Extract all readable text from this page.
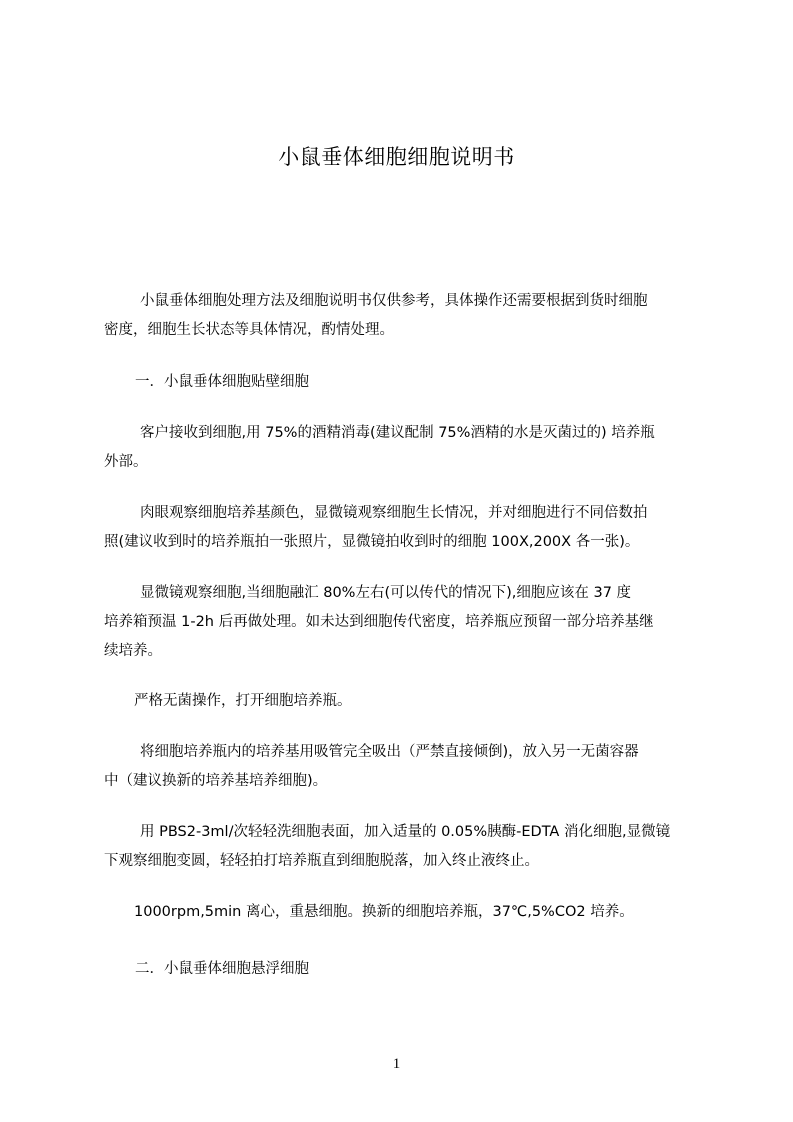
小鼠垂体细胞细胞说明书
小鼠垂体细胞处理方法及细胞说明书仅供参考，具体操作还需要根据到货时细胞
密度，细胞生长状态等具体情况，酌情处理。
一．小鼠垂体细胞贴壁细胞
客户接收到细胞,用 75%的酒精消毒(建议配制 75%酒精的水是灭菌过的) 培养瓶
外部。
肉眼观察细胞培养基颜色，显微镜观察细胞生长情况，并对细胞进行不同倍数拍
照(建议收到时的培养瓶拍一张照片，显微镜拍收到时的细胞 100X,200X 各一张)。
显微镜观察细胞,当细胞融汇 80%左右(可以传代的情况下),细胞应该在 37 度
培养箱预温 1-2h 后再做处理。如未达到细胞传代密度，培养瓶应预留一部分培养基继
续培养。
严格无菌操作，打开细胞培养瓶。
将细胞培养瓶内的培养基用吸管完全吸出（严禁直接倾倒)，放入另一无菌容器
中（建议换新的培养基培养细胞)。
用 PBS2-3ml/次轻轻洗细胞表面，加入适量的 0.05%胰酶-EDTA 消化细胞,显微镜
下观察细胞变圆，轻轻拍打培养瓶直到细胞脱落，加入终止液终止。
1000rpm,5min 离心，重悬细胞。换新的细胞培养瓶，37℃,5%CO2 培养。
二．小鼠垂体细胞悬浮细胞
1
